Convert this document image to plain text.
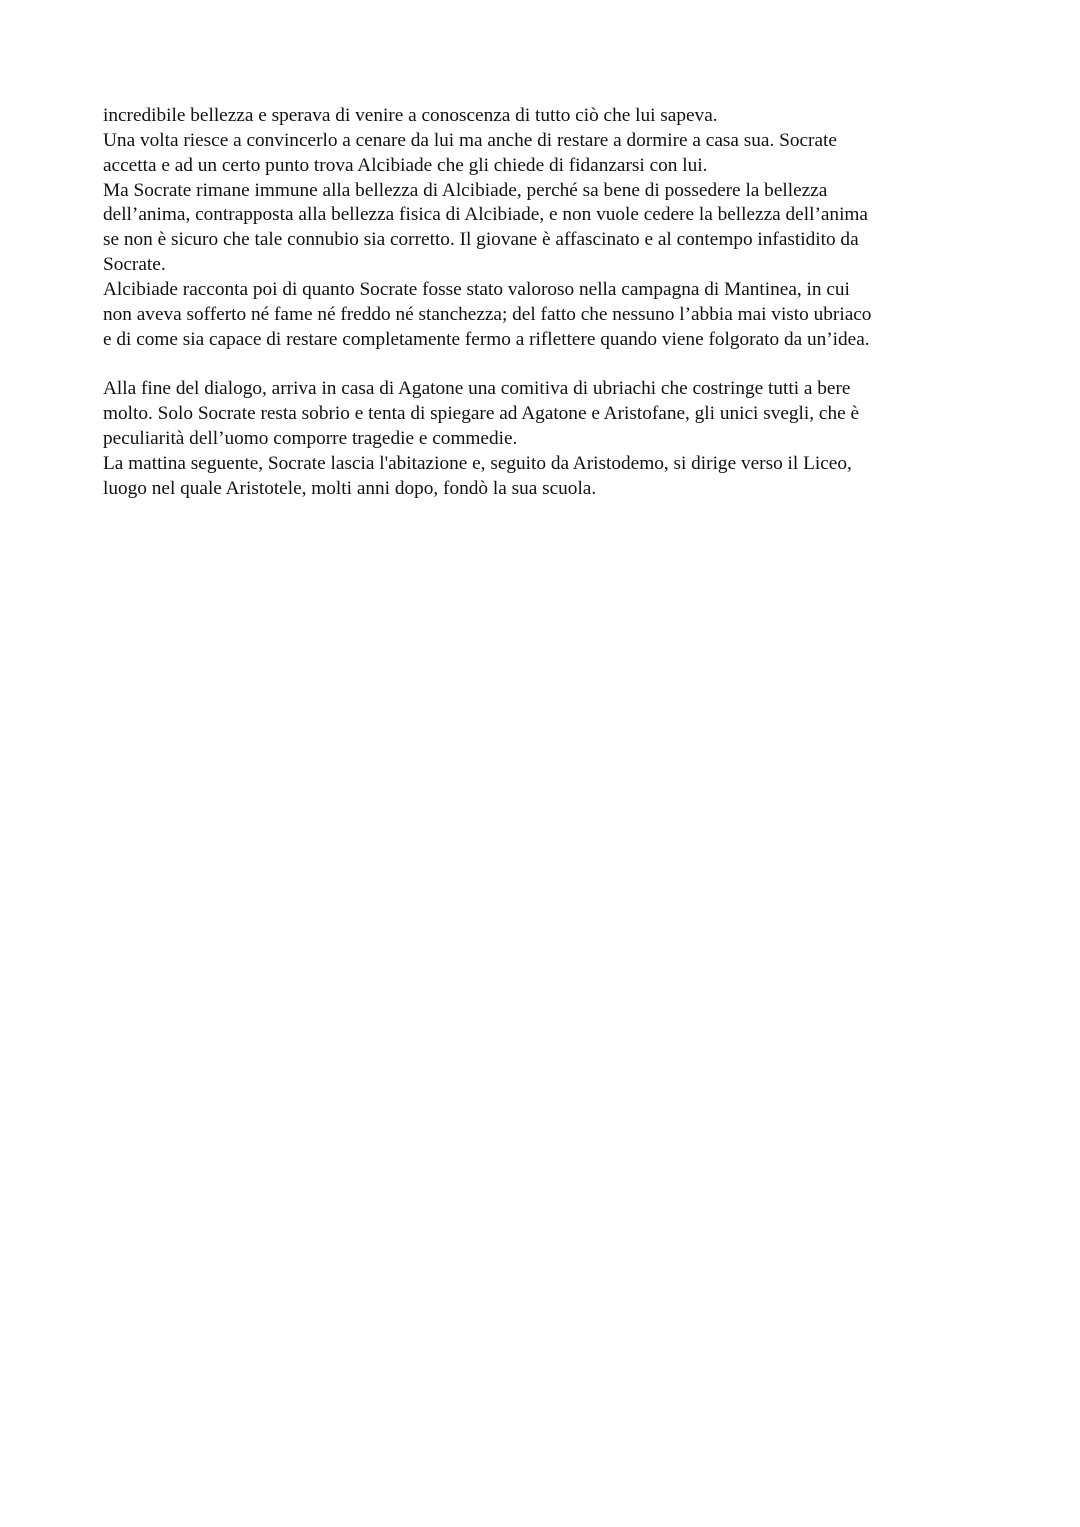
incredibile bellezza e sperava di venire a conoscenza di tutto ciò che lui sapeva.
Una volta riesce a convincerlo a cenare da lui ma anche di restare a dormire a casa sua. Socrate
accetta e ad un certo punto trova Alcibiade che gli chiede di fidanzarsi con lui.
Ma Socrate rimane immune alla bellezza di Alcibiade, perché sa bene di possedere la bellezza
dell’anima, contrapposta alla bellezza fisica di Alcibiade, e non vuole cedere la bellezza dell’anima
se non è sicuro che tale connubio sia corretto. Il giovane è affascinato e al contempo infastidito da
Socrate.
Alcibiade racconta poi di quanto Socrate fosse stato valoroso nella campagna di Mantinea, in cui
non aveva sofferto né fame né freddo né stanchezza; del fatto che nessuno l’abbia mai visto ubriaco
e di come sia capace di restare completamente fermo a riflettere quando viene folgorato da un’idea.
Alla fine del dialogo, arriva in casa di Agatone una comitiva di ubriachi che costringe tutti a bere
molto. Solo Socrate resta sobrio e tenta di spiegare ad Agatone e Aristofane, gli unici svegli, che è
peculiarità dell’uomo comporre tragedie e commedie.
La mattina seguente, Socrate lascia l'abitazione e, seguito da Aristodemo, si dirige verso il Liceo,
luogo nel quale Aristotele, molti anni dopo, fondò la sua scuola.
